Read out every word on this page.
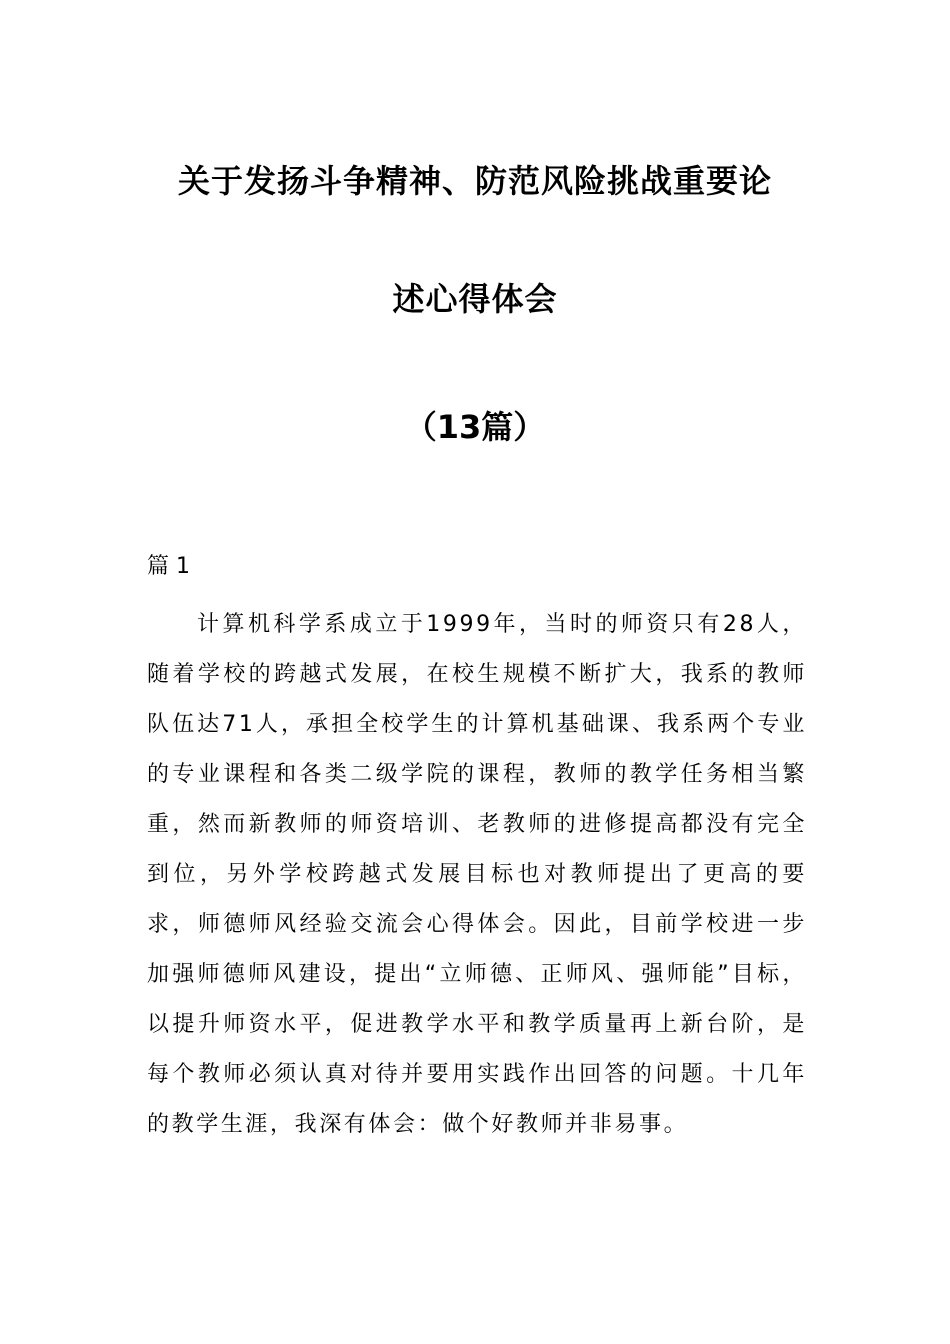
关于发扬斗争精神、防范风险挑战重要论
述心得体会
（13篇）
篇 1

计算机科学系成立于1999年，当时的师资只有28人，随着学校的跨越式发展，在校生规模不断扩大，我系的教师队伍达71人，承担全校学生的计算机基础课、我系两个专业的专业课程和各类二级学院的课程，教师的教学任务相当繁重，然而新教师的师资培训、老教师的进修提高都没有完全到位，另外学校跨越式发展目标也对教师提出了更高的要求，师德师风经验交流会心得体会。因此，目前学校进一步加强师德师风建设，提出“立师德、正师风、强师能”目标，以提升师资水平，促进教学水平和教学质量再上新台阶，是每个教师必须认真对待并要用实践作出回答的问题。十几年的教学生涯，我深有体会：做个好教师并非易事。
